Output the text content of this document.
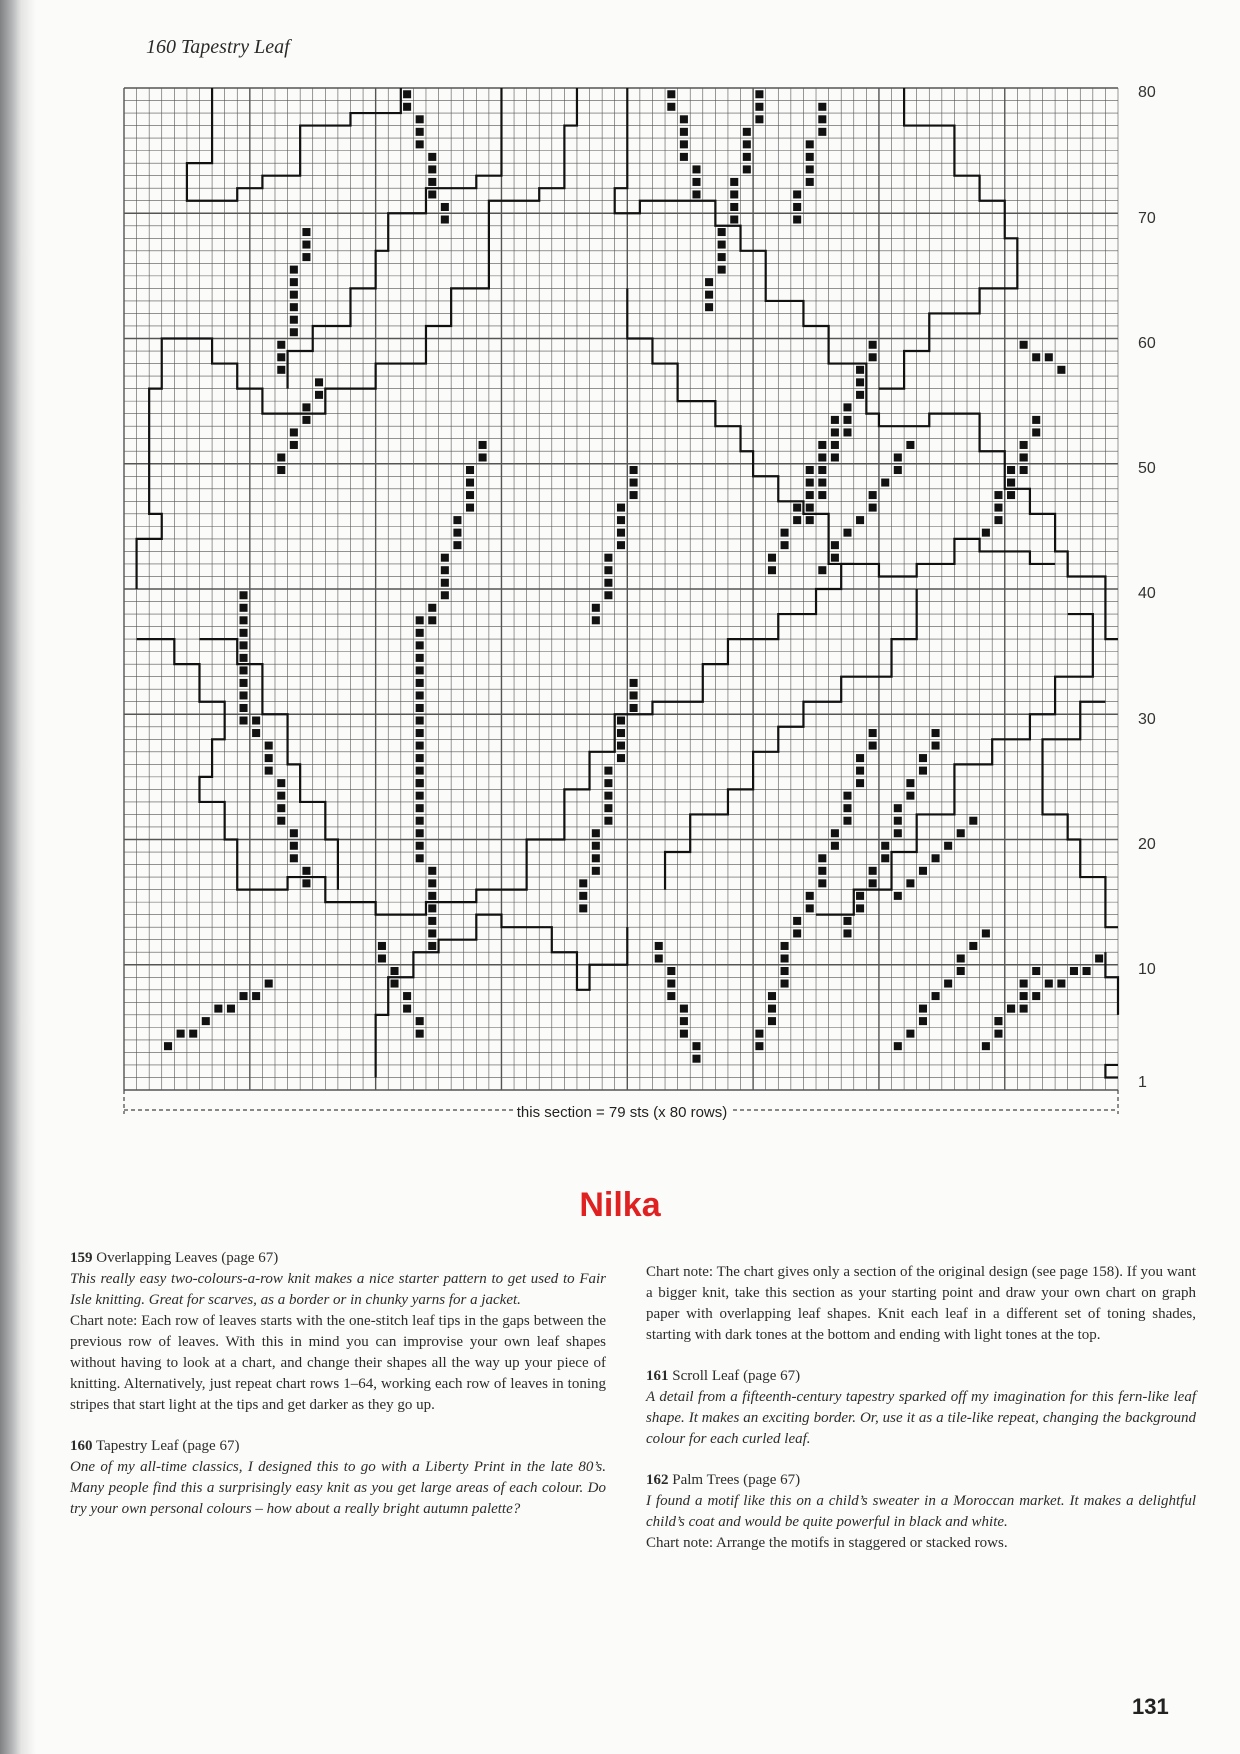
160 Tapestry Leaf
80
70
60
50
40
30
20
10
1
this section = 79 sts (x 80 rows)
Nilka

159 Overlapping Leaves (page 67)

This really easy two-colours-a-row knit makes a nice starter pattern to get used to Fair Isle knitting. Great for scarves, as a border or in chunky yarns for a jacket.

Chart note: Each row of leaves starts with the one-stitch leaf tips in the gaps between the previous row of leaves. With this in mind you can improvise your own leaf shapes without having to look at a chart, and change their shapes all the way up your piece of knitting. Alternatively, just repeat chart rows 1–64, working each row of leaves in toning stripes that start light at the tips and get darker as they go up.

160 Tapestry Leaf (page 67)

One of my all-time classics, I designed this to go with a Liberty Print in the late 80’s. Many people find this a surprisingly easy knit as you get large areas of each colour. Do try your own personal colours – how about a really bright autumn palette?

Chart note: The chart gives only a section of the original design (see page 158). If you want a bigger knit, take this section as your starting point and draw your own chart on graph paper with overlapping leaf shapes. Knit each leaf in a different set of toning shades, starting with dark tones at the bottom and ending with light tones at the top.

161 Scroll Leaf (page 67)

A detail from a fifteenth-century tapestry sparked off my imagination for this fern-like leaf shape. It makes an exciting border. Or, use it as a tile-like repeat, changing the background colour for each curled leaf.

162 Palm Trees (page 67)

I found a motif like this on a child’s sweater in a Moroccan market. It makes a delightful child’s coat and would be quite powerful in black and white.

Chart note: Arrange the motifs in staggered or stacked rows.

131
